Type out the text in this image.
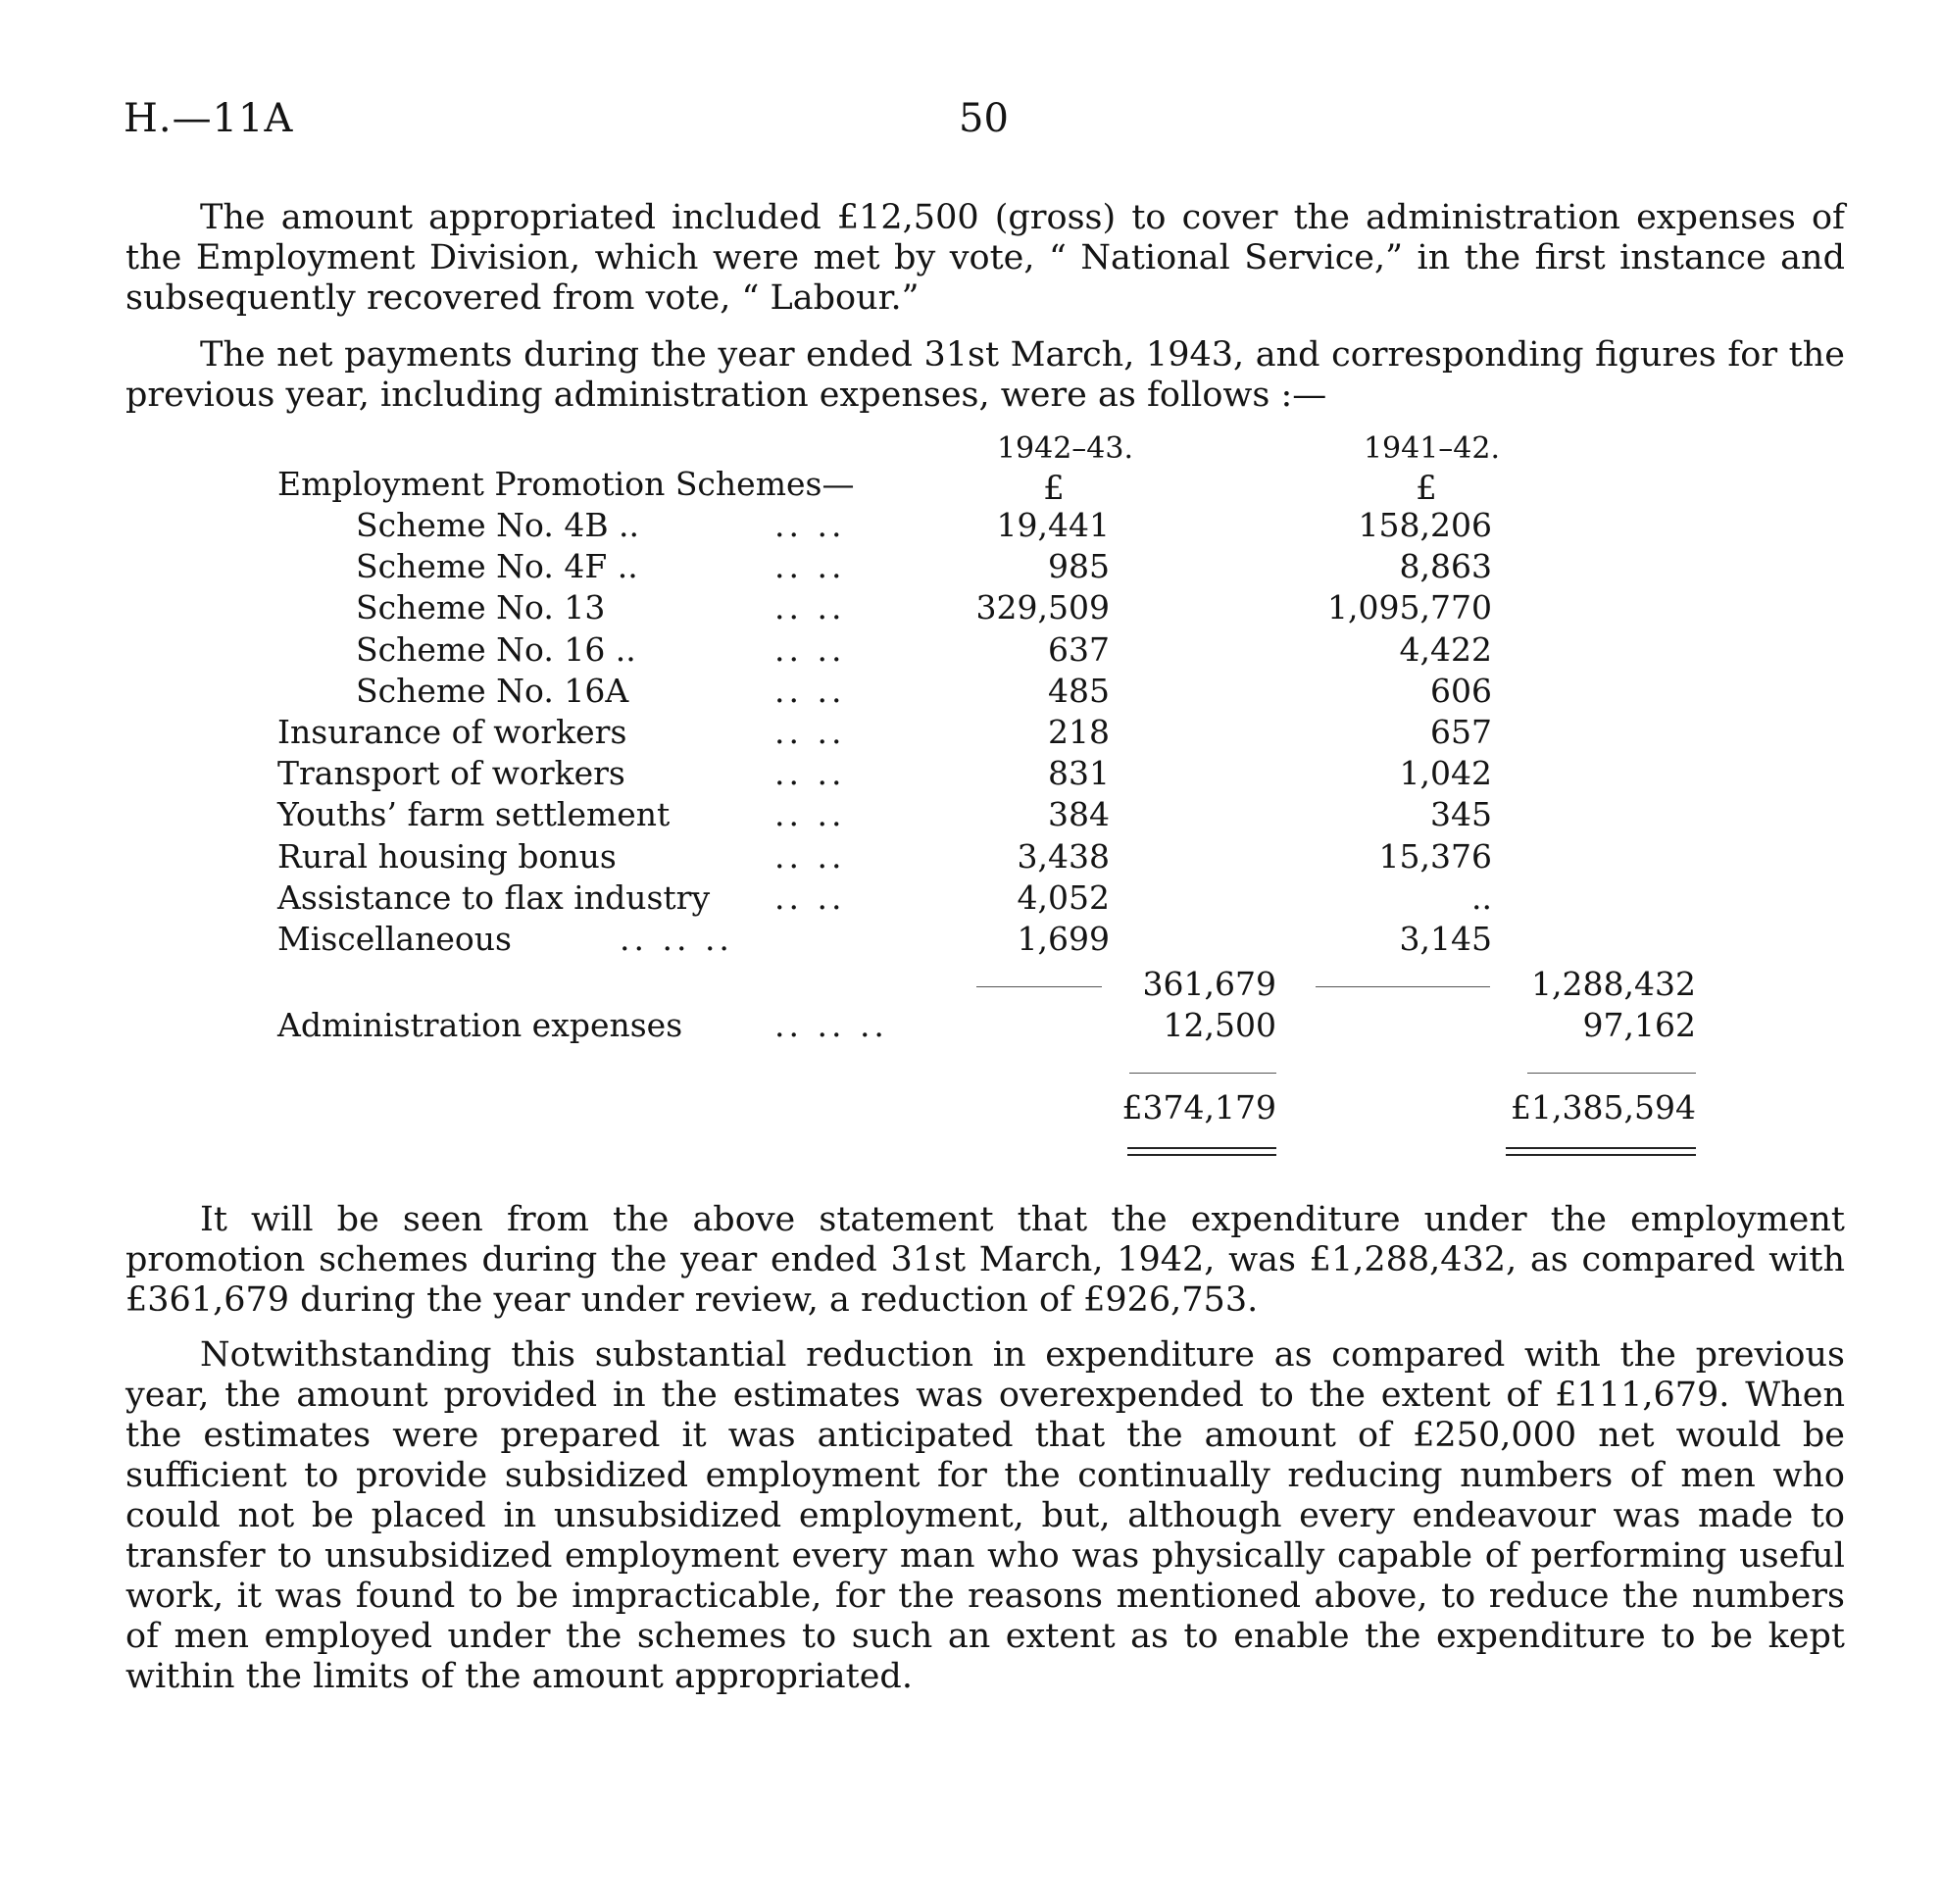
H.—11A	50

The amount appropriated included £12,500 (gross) to cover the administration expenses of the Employment Division, which were met by vote, “ National Service,” in the first instance and subsequently recovered from vote, “ Labour.”

The net payments during the year ended 31st March, 1943, and corresponding figures for the previous year, including administration expenses, were as follows :—

1942–43.	1941–42.
£	£
Employment Promotion Schemes—
Scheme No. 4B ..	.. ..	19,441	158,206
Scheme No. 4F ..	.. ..	985	8,863
Scheme No. 13	.. ..	329,509	1,095,770
Scheme No. 16 ..	.. ..	637	4,422
Scheme No. 16A	.. ..	485	606
Insurance of workers	.. ..	218	657
Transport of workers	.. ..	831	1,042
Youths’ farm settlement	.. ..	384	345
Rural housing bonus	.. ..	3,438	15,376
Assistance to flax industry .. ..	4,052	..
Miscellaneous	.. .. ..	1,699	3,145
361,679	1,288,432
Administration expenses	.. .. ..	12,500	97,162
£374,179	£1,385,594

It will be seen from the above statement that the expenditure under the employment promotion schemes during the year ended 31st March, 1942, was £1,288,432, as compared with £361,679 during the year under review, a reduction of £926,753.

Notwithstanding this substantial reduction in expenditure as compared with the previous year, the amount provided in the estimates was overexpended to the extent of £111,679. When the estimates were prepared it was anticipated that the amount of £250,000 net would be sufficient to provide subsidized employment for the continually reducing numbers of men who could not be placed in unsubsidized employment, but, although every endeavour was made to transfer to unsubsidized employment every man who was physically capable of performing useful work, it was found to be impracticable, for the reasons mentioned above, to reduce the numbers of men employed under the schemes to such an extent as to enable the expenditure to be kept within the limits of the amount appropriated.
